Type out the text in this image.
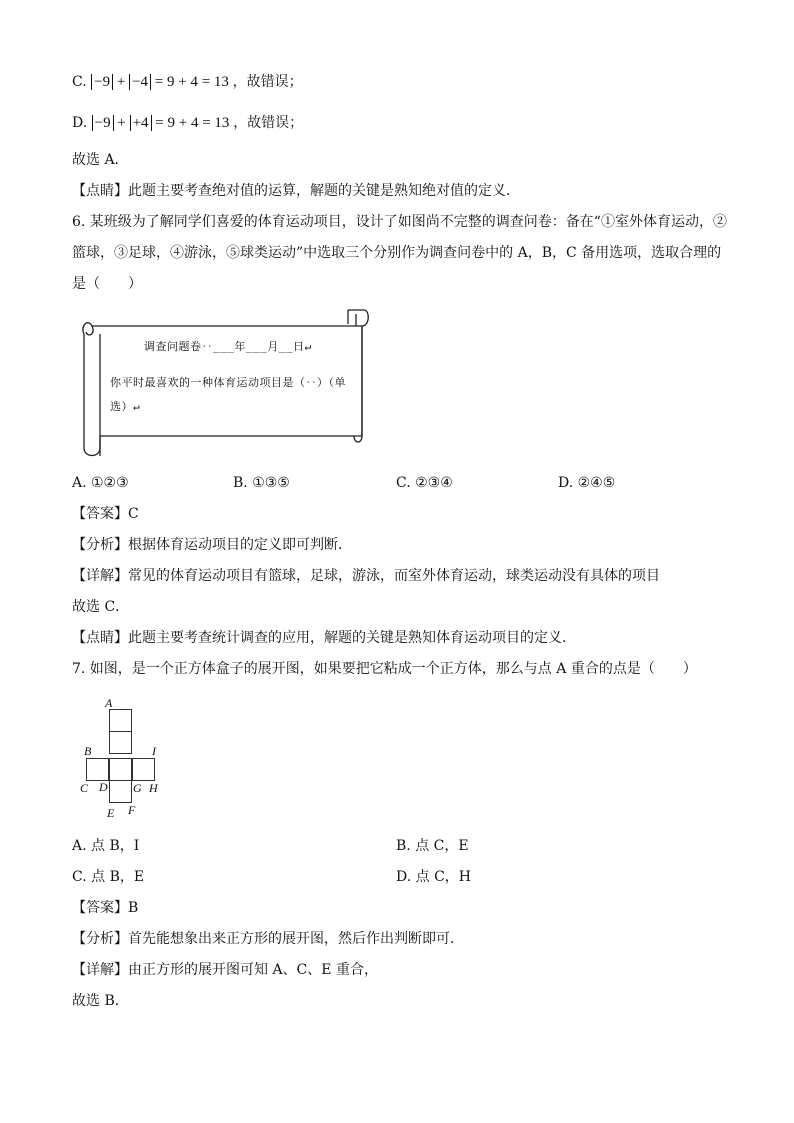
C. −9 + −4 = 9 + 4 = 13 ，故错误；
D. −9 + +4 = 9 + 4 = 13 ，故错误；
故选 A．
【点睛】此题主要考查绝对值的运算，解题的关键是熟知绝对值的定义．
6. 某班级为了解同学们喜爱的体育运动项目，设计了如图尚不完整的调查问卷：备在“①室外体育运动，②
篮球，③足球，④游泳，⑤球类运动”中选取三个分别作为调查问卷中的 A，B，C 备用选项，选取合理的
是（　　）
调查问题卷‥___年___月__日↵
你平时最喜欢的一种体育运动项目是（‥）（单
选）↵
A. ①②③	B. ①③⑤	C. ②③④	D. ②④⑤
【答案】C
【分析】根据体育运动项目的定义即可判断．
【详解】常见的体育运动项目有篮球，足球，游泳，而室外体育运动，球类运动没有具体的项目
故选 C．
【点睛】此题主要考查统计调查的应用，解题的关键是熟知体育运动项目的定义．
7. 如图，是一个正方体盒子的展开图，如果要把它粘成一个正方体，那么与点 A 重合的点是（　　）
A
B	I
C D G H
E F
A. 点 B，I	B. 点 C，E
C. 点 B，E	D. 点 C，H
【答案】B
【分析】首先能想象出来正方形的展开图，然后作出判断即可．
【详解】由正方形的展开图可知 A、C、E 重合，
故选 B．
